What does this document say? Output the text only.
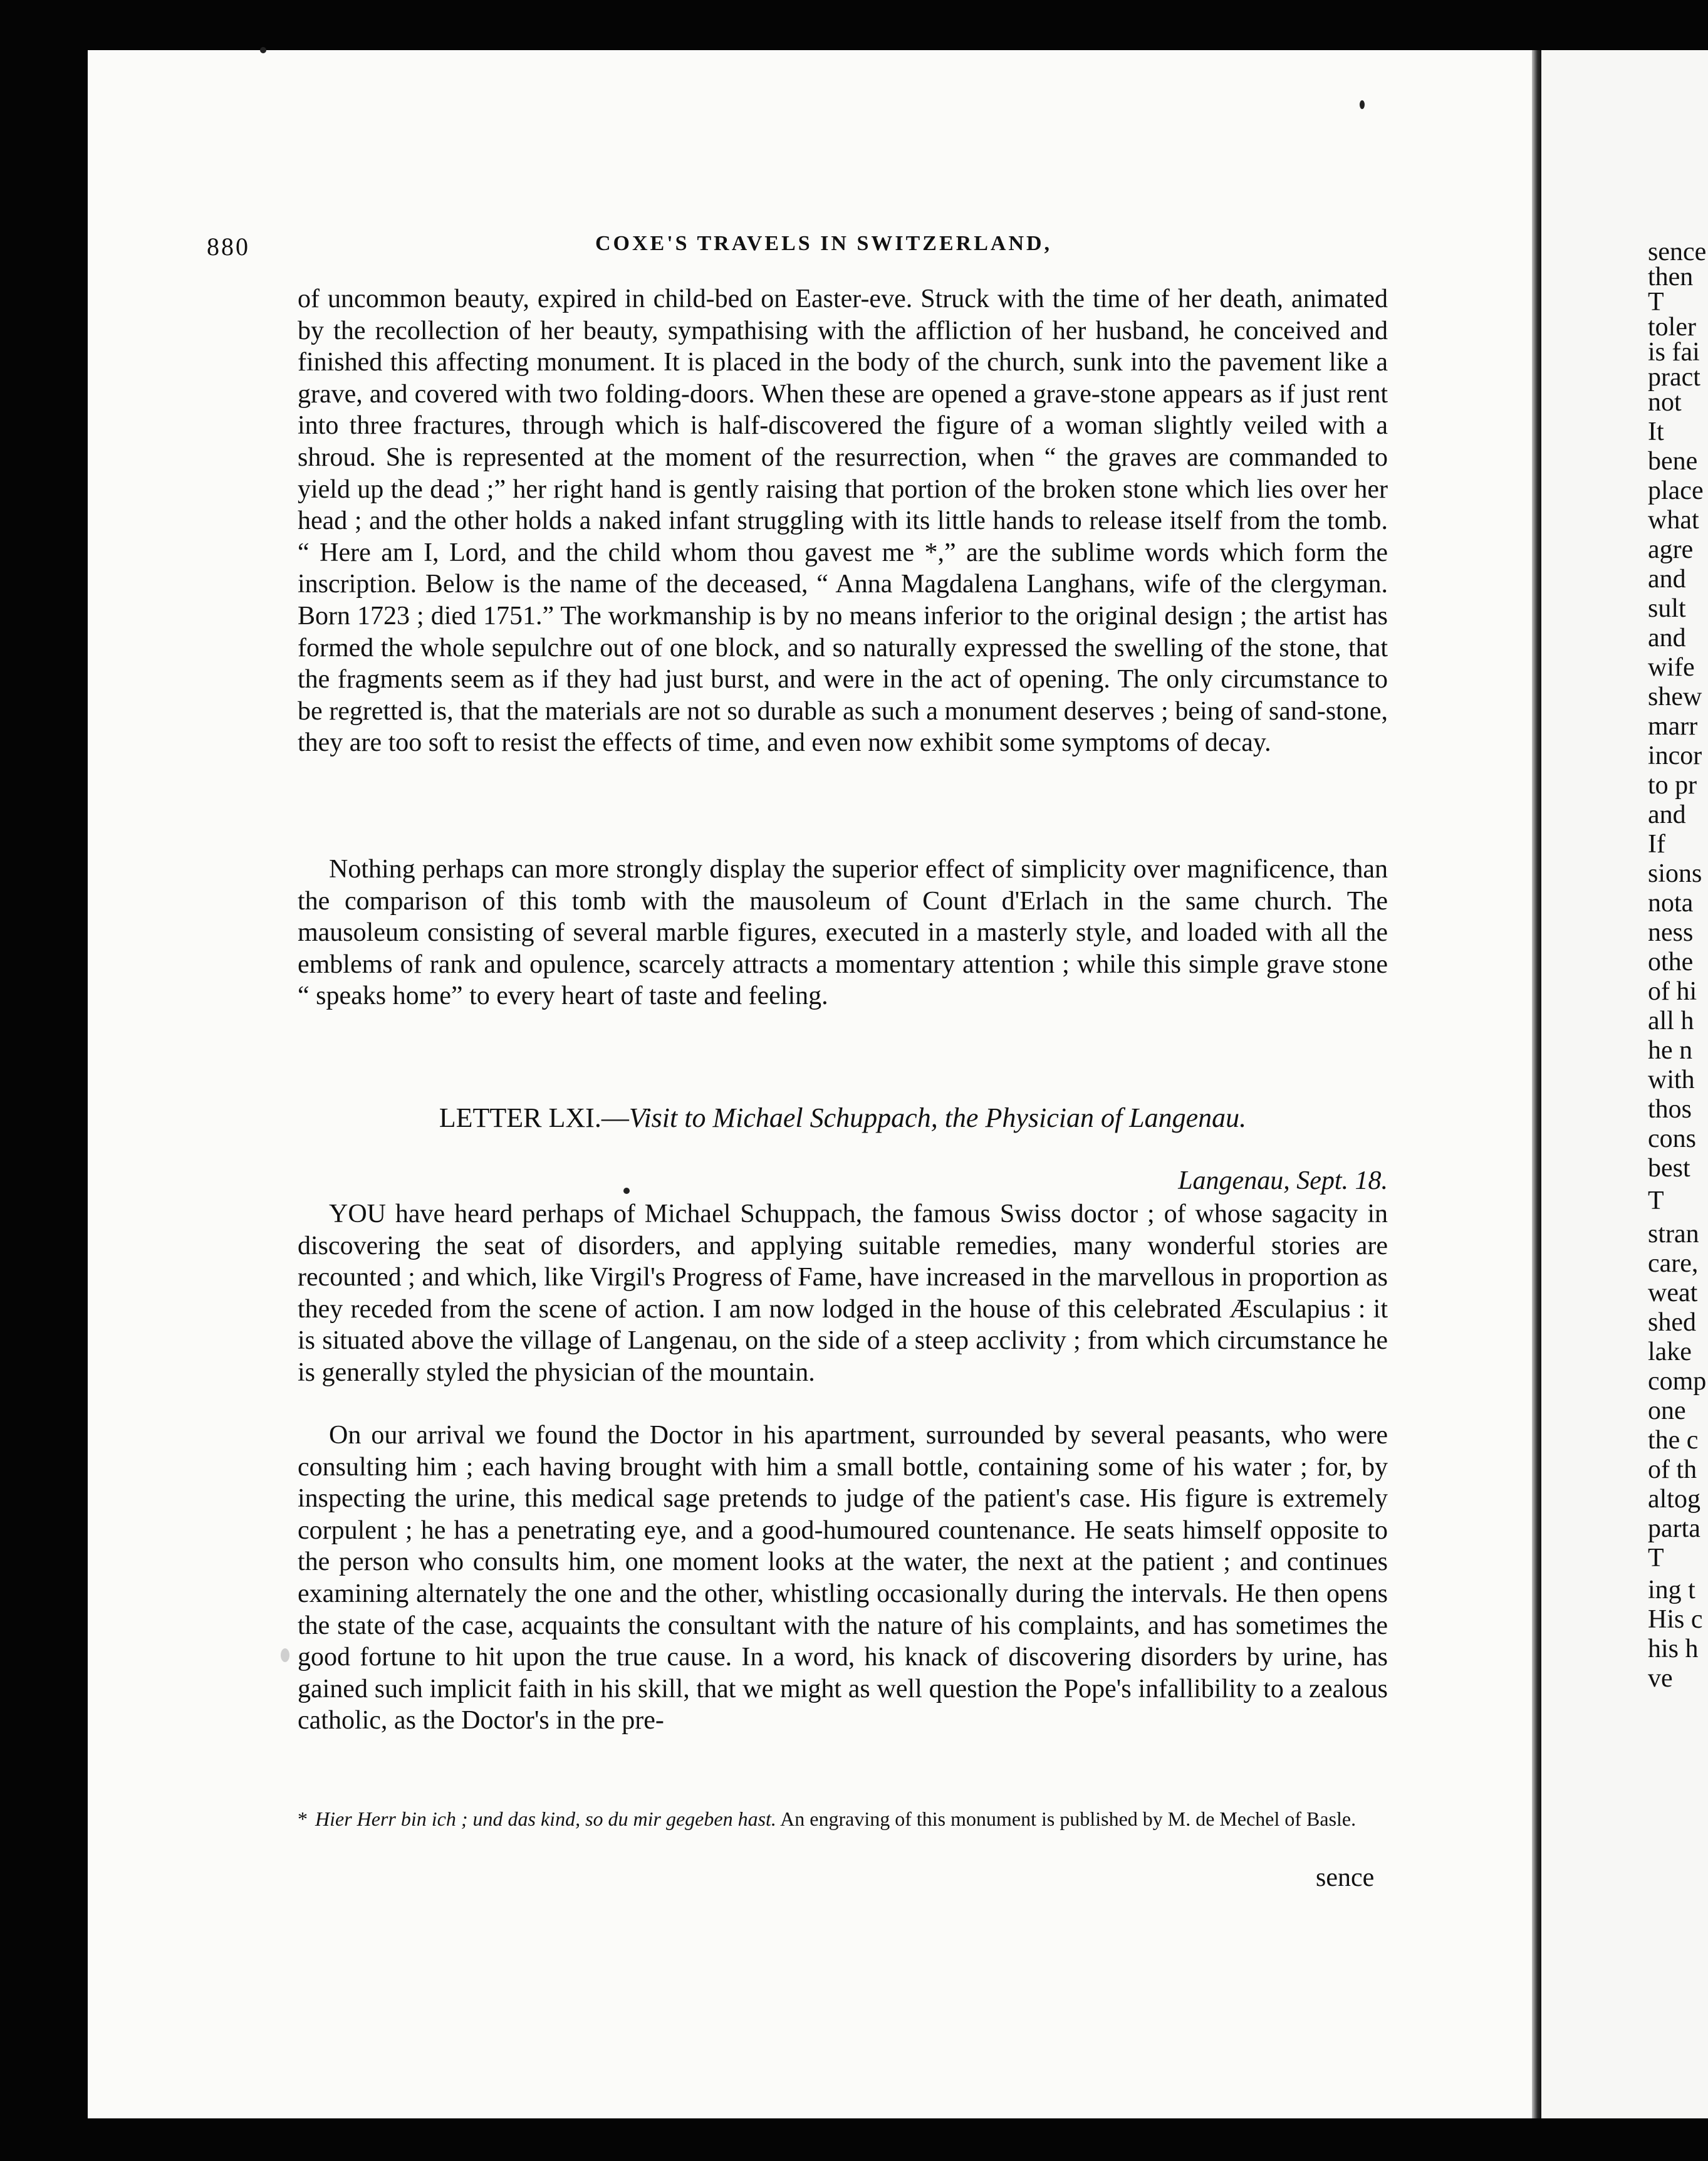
sence
then
T
toler
is fai
pract
not
It
bene
place
what
agre
and
sult
and
wife
shew
marr
incor
to pr
and
If
sions
nota
ness
othe
of hi
all h
he n
with
thos
cons
best
T
stran
care,
weat
shed
lake
comp
one
the c
of th
altog
parta
T
ing t
His c
his h
ve
880	COXE'S TRAVELS IN SWITZERLAND,

of uncommon beauty, expired in child-bed on Easter-eve. Struck with the time of her death, animated by the recollection of her beauty, sympathising with the affliction of her husband, he conceived and finished this affecting monument. It is placed in the body of the church, sunk into the pavement like a grave, and covered with two folding-doors. When these are opened a grave-stone appears as if just rent into three fractures, through which is half-discovered the figure of a woman slightly veiled with a shroud. She is represented at the moment of the resurrection, when “ the graves are commanded to yield up the dead ;” her right hand is gently raising that portion of the broken stone which lies over her head ; and the other holds a naked infant struggling with its little hands to release itself from the tomb. “ Here am I, Lord, and the child whom thou gavest me *,” are the sublime words which form the inscription. Below is the name of the deceased, “ Anna Magdalena Langhans, wife of the clergyman. Born 1723 ; died 1751.” The workmanship is by no means inferior to the original design ; the artist has formed the whole sepulchre out of one block, and so naturally expressed the swelling of the stone, that the fragments seem as if they had just burst, and were in the act of opening. The only circumstance to be regretted is, that the materials are not so durable as such a monument deserves ; being of sand-stone, they are too soft to resist the effects of time, and even now exhibit some symptoms of decay.

Nothing perhaps can more strongly display the superior effect of simplicity over magnificence, than the comparison of this tomb with the mausoleum of Count d'Erlach in the same church. The mausoleum consisting of several marble figures, executed in a masterly style, and loaded with all the emblems of rank and opulence, scarcely attracts a momentary attention ; while this simple grave stone “ speaks home” to every heart of taste and feeling.

LETTER LXI.—Visit to Michael Schuppach, the Physician of Langenau.
Langenau, Sept. 18.

YOU have heard perhaps of Michael Schuppach, the famous Swiss doctor ; of whose sagacity in discovering the seat of disorders, and applying suitable remedies, many wonderful stories are recounted ; and which, like Virgil's Progress of Fame, have increased in the marvellous in proportion as they receded from the scene of action. I am now lodged in the house of this celebrated Æsculapius : it is situated above the village of Langenau, on the side of a steep acclivity ; from which circumstance he is generally styled the physician of the mountain.

On our arrival we found the Doctor in his apartment, surrounded by several peasants, who were consulting him ; each having brought with him a small bottle, containing some of his water ; for, by inspecting the urine, this medical sage pretends to judge of the patient's case. His figure is extremely corpulent ; he has a penetrating eye, and a good-humoured countenance. He seats himself opposite to the person who consults him, one moment looks at the water, the next at the patient ; and continues examining alternately the one and the other, whistling occasionally during the intervals. He then opens the state of the case, acquaints the consultant with the nature of his complaints, and has sometimes the good fortune to hit upon the true cause. In a word, his knack of discovering disorders by urine, has gained such implicit faith in his skill, that we might as well question the Pope's infallibility to a zealous catholic, as the Doctor's in the pre-

* Hier Herr bin ich ; und das kind, so du mir gegeben hast. An engraving of this monument is published by M. de Mechel of Basle.
sence
